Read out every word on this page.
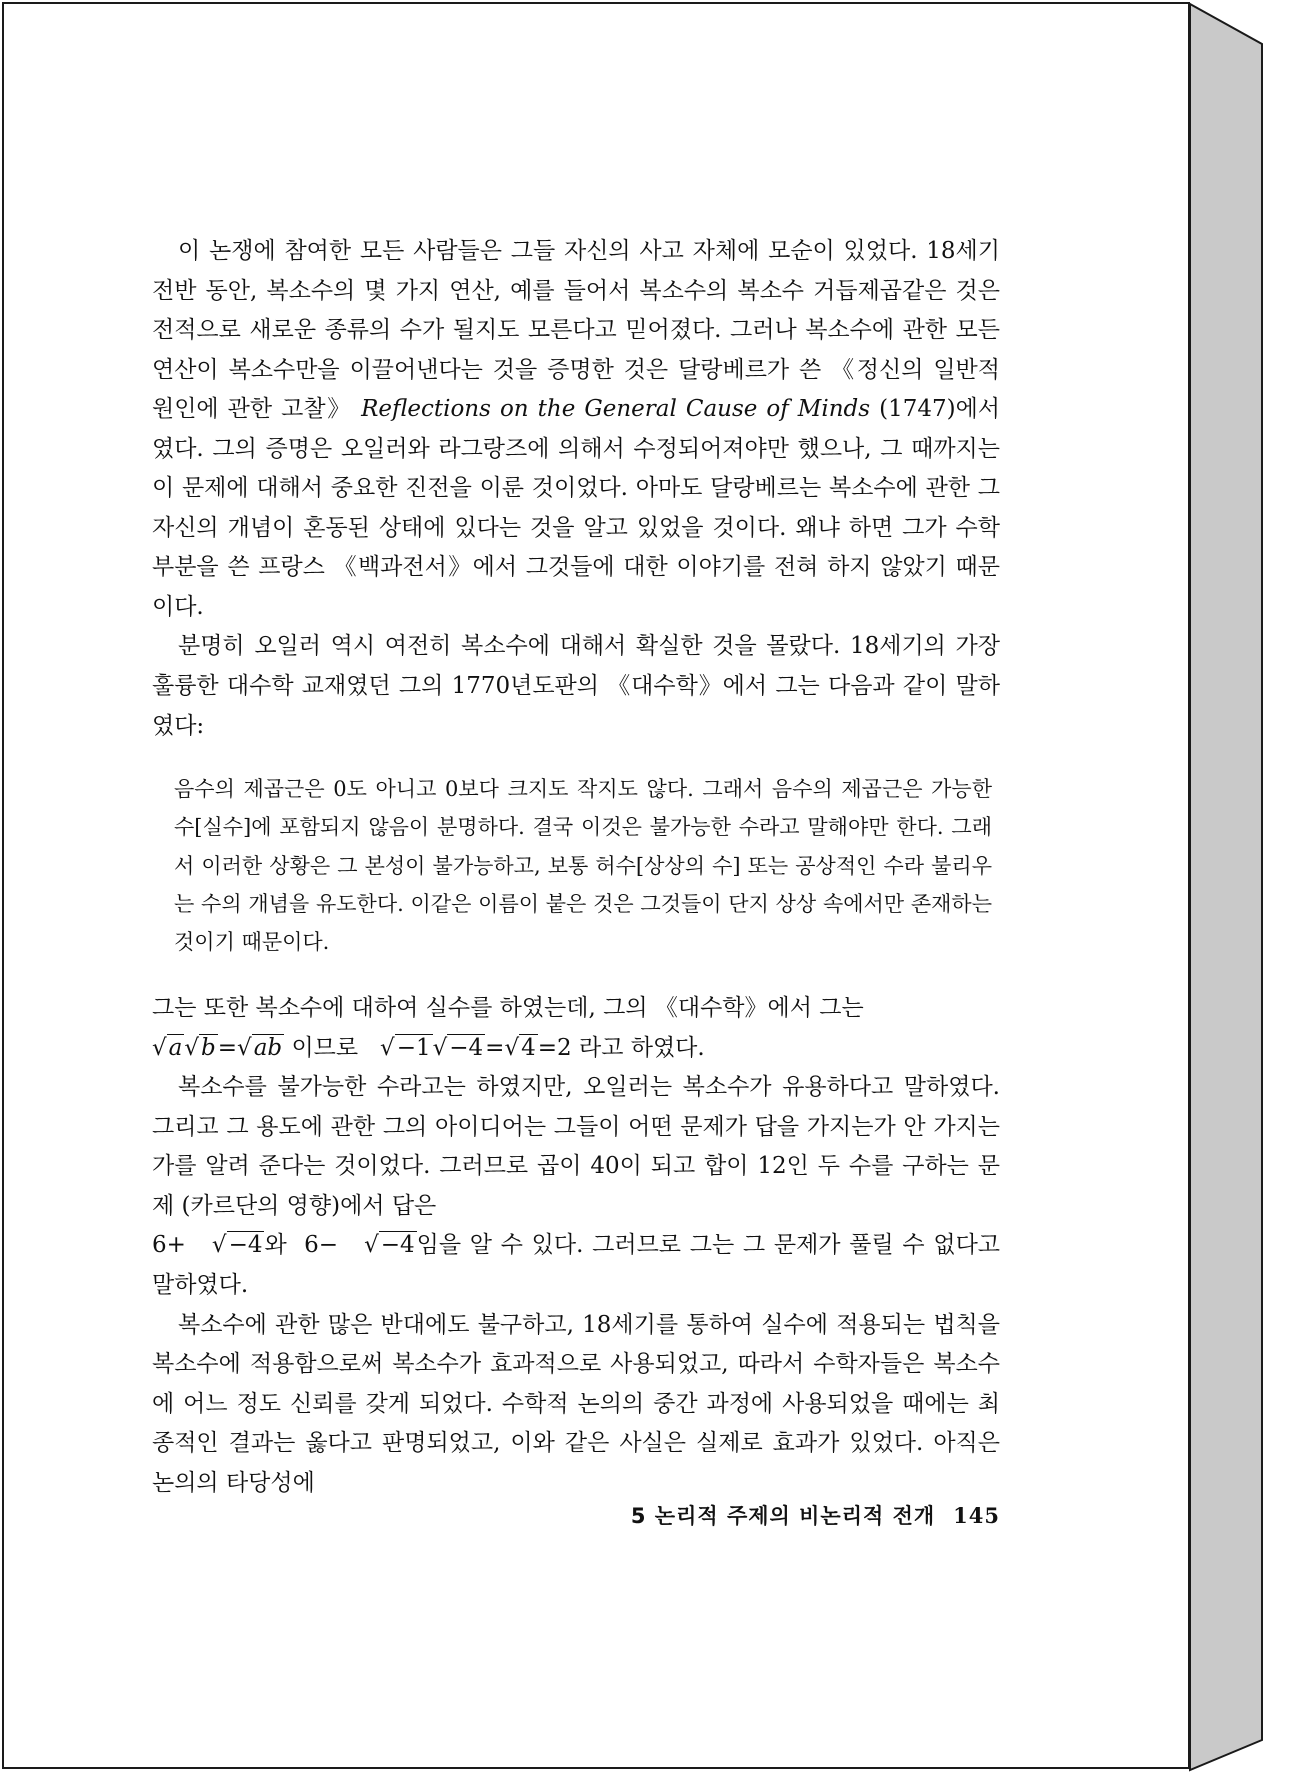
이 논쟁에 참여한 모든 사람들은 그들 자신의 사고 자체에 모순이 있었다. 18세기 전반 동안, 복소수의 몇 가지 연산, 예를 들어서 복소수의 복소수 거듭제곱같은 것은 전적으로 새로운 종류의 수가 될지도 모른다고 믿어졌다. 그러나 복소수에 관한 모든 연산이 복소수만을 이끌어낸다는 것을 증명한 것은 달랑베르가 쓴 《정신의 일반적 원인에 관한 고찰》 Reflections on the General Cause of Minds (1747)에서였다. 그의 증명은 오일러와 라그랑즈에 의해서 수정되어져야만 했으나, 그 때까지는 이 문제에 대해서 중요한 진전을 이룬 것이었다. 아마도 달랑베르는 복소수에 관한 그 자신의 개념이 혼동된 상태에 있다는 것을 알고 있었을 것이다. 왜냐 하면 그가 수학 부분을 쓴 프랑스 《백과전서》에서 그것들에 대한 이야기를 전혀 하지 않았기 때문이다.

분명히 오일러 역시 여전히 복소수에 대해서 확실한 것을 몰랐다. 18세기의 가장 훌륭한 대수학 교재였던 그의 1770년도판의 《대수학》에서 그는 다음과 같이 말하였다:

음수의 제곱근은 0도 아니고 0보다 크지도 작지도 않다. 그래서 음수의 제곱근은 가능한 수[실수]에 포함되지 않음이 분명하다. 결국 이것은 불가능한 수라고 말해야만 한다. 그래서 이러한 상황은 그 본성이 불가능하고, 보통 허수[상상의 수] 또는 공상적인 수라 불리우는 수의 개념을 유도한다. 이같은 이름이 붙은 것은 그것들이 단지 상상 속에서만 존재하는 것이기 때문이다.

그는 또한 복소수에 대하여 실수를 하였는데, 그의 《대수학》에서 그는
√a√b=√ab 이므로 √−1√−4=√4=2 라고 하였다.

복소수를 불가능한 수라고는 하였지만, 오일러는 복소수가 유용하다고 말하였다. 그리고 그 용도에 관한 그의 아이디어는 그들이 어떤 문제가 답을 가지는가 안 가지는가를 알려 준다는 것이었다. 그러므로 곱이 40이 되고 합이 12인 두 수를 구하는 문제 (카르단의 영향)에서 답은
6+ √−4와 6− √−4임을 알 수 있다. 그러므로 그는 그 문제가 풀릴 수 없다고 말하였다.

복소수에 관한 많은 반대에도 불구하고, 18세기를 통하여 실수에 적용되는 법칙을 복소수에 적용함으로써 복소수가 효과적으로 사용되었고, 따라서 수학자들은 복소수에 어느 정도 신뢰를 갖게 되었다. 수학적 논의의 중간 과정에 사용되었을 때에는 최종적인 결과는 옳다고 판명되었고, 이와 같은 사실은 실제로 효과가 있었다. 아직은 논의의 타당성에

5 논리적 주제의 비논리적 전개 145
